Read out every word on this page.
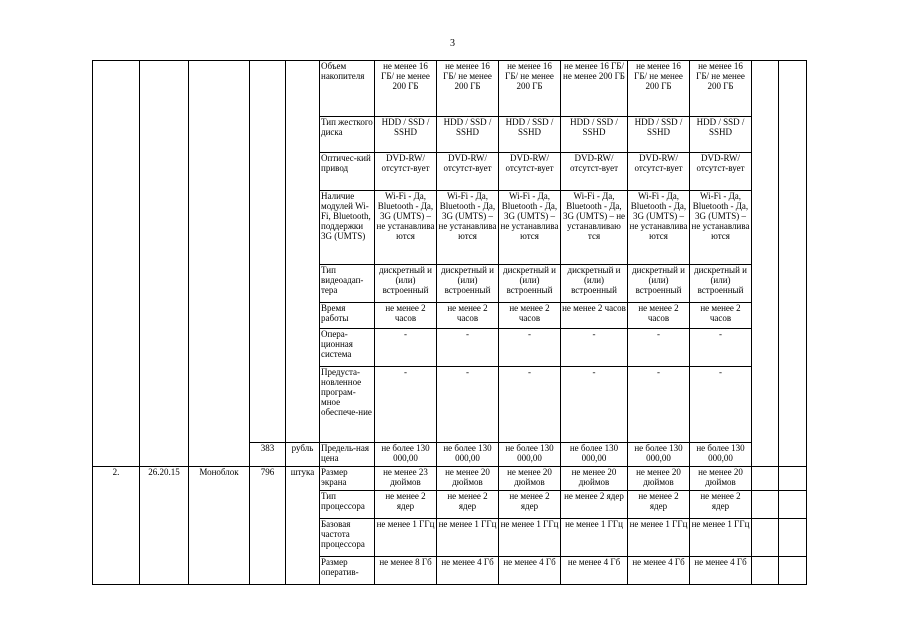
3
					Объем накопителя	не менее 16 ГБ/ не менее 200 ГБ	не менее 16 ГБ/ не менее 200 ГБ	не менее 16 ГБ/ не менее 200 ГБ	не менее 16 ГБ/ не менее 200 ГБ	не менее 16 ГБ/ не менее 200 ГБ	не менее 16 ГБ/ не менее 200 ГБ		
					Тип жесткого диска	HDD / SSD / SSHD	HDD / SSD / SSHD	HDD / SSD / SSHD	HDD / SSD / SSHD	HDD / SSD / SSHD	HDD / SSD / SSHD		
					Оптичес-кий привод	DVD-RW/отсутст-вует	DVD-RW/отсутст-вует	DVD-RW/отсутст-вует	DVD-RW/отсутст-вует	DVD-RW/отсутст-вует	DVD-RW/отсутст-вует		
					Наличие модулей Wi-Fi, Bluetooth, поддержки 3G (UMTS)	Wi-Fi - Да, Bluetooth - Да, 3G (UMTS) – не устанавлива ются	Wi-Fi - Да, Bluetooth - Да, 3G (UMTS) – не устанавлива ются	Wi-Fi - Да, Bluetooth - Да, 3G (UMTS) – не устанавлива ются	Wi-Fi - Да, Bluetooth - Да, 3G (UMTS) – не устанавливаю тся	Wi-Fi - Да, Bluetooth - Да, 3G (UMTS) – не устанавлива ются	Wi-Fi - Да, Bluetooth - Да, 3G (UMTS) – не устанавлива ются		
					Тип видеоадап-тера	дискретный и (или) встроенный	дискретный и (или) встроенный	дискретный и (или) встроенный	дискретный и (или) встроенный	дискретный и (или) встроенный	дискретный и (или) встроенный		
					Время работы	не менее 2 часов	не менее 2 часов	не менее 2 часов	не менее 2 часов	не менее 2 часов	не менее 2 часов		
					Опера-ционная система	-	-	-	-	-	-		
					Предуста-новленное програм-мное обеспече-ние	-	-	-	-	-	-		
			383	рубль	Предель-ная цена	не более 130 000,00	не более 130 000,00	не более 130 000,00	не более 130 000,00	не более 130 000,00	не более 130 000,00		
2.	26.20.15	Моноблок	796	штука	Размер экрана	не менее 23 дюймов	не менее 20 дюймов	не менее 20 дюймов	не менее 20 дюймов	не менее 20 дюймов	не менее 20 дюймов		
					Тип процессора	не менее 2 ядер	не менее 2 ядер	не менее 2 ядер	не менее 2 ядер	не менее 2 ядер	не менее 2 ядер		
					Базовая частота процессора	не менее 1 ГГц	не менее 1 ГГц	не менее 1 ГГц	не менее 1 ГГц	не менее 1 ГГц	не менее 1 ГГц		
					Размер оператив-	не менее 8 Гб	не менее 4 Гб	не менее 4 Гб	не менее 4 Гб	не менее 4 Гб	не менее 4 Гб		
